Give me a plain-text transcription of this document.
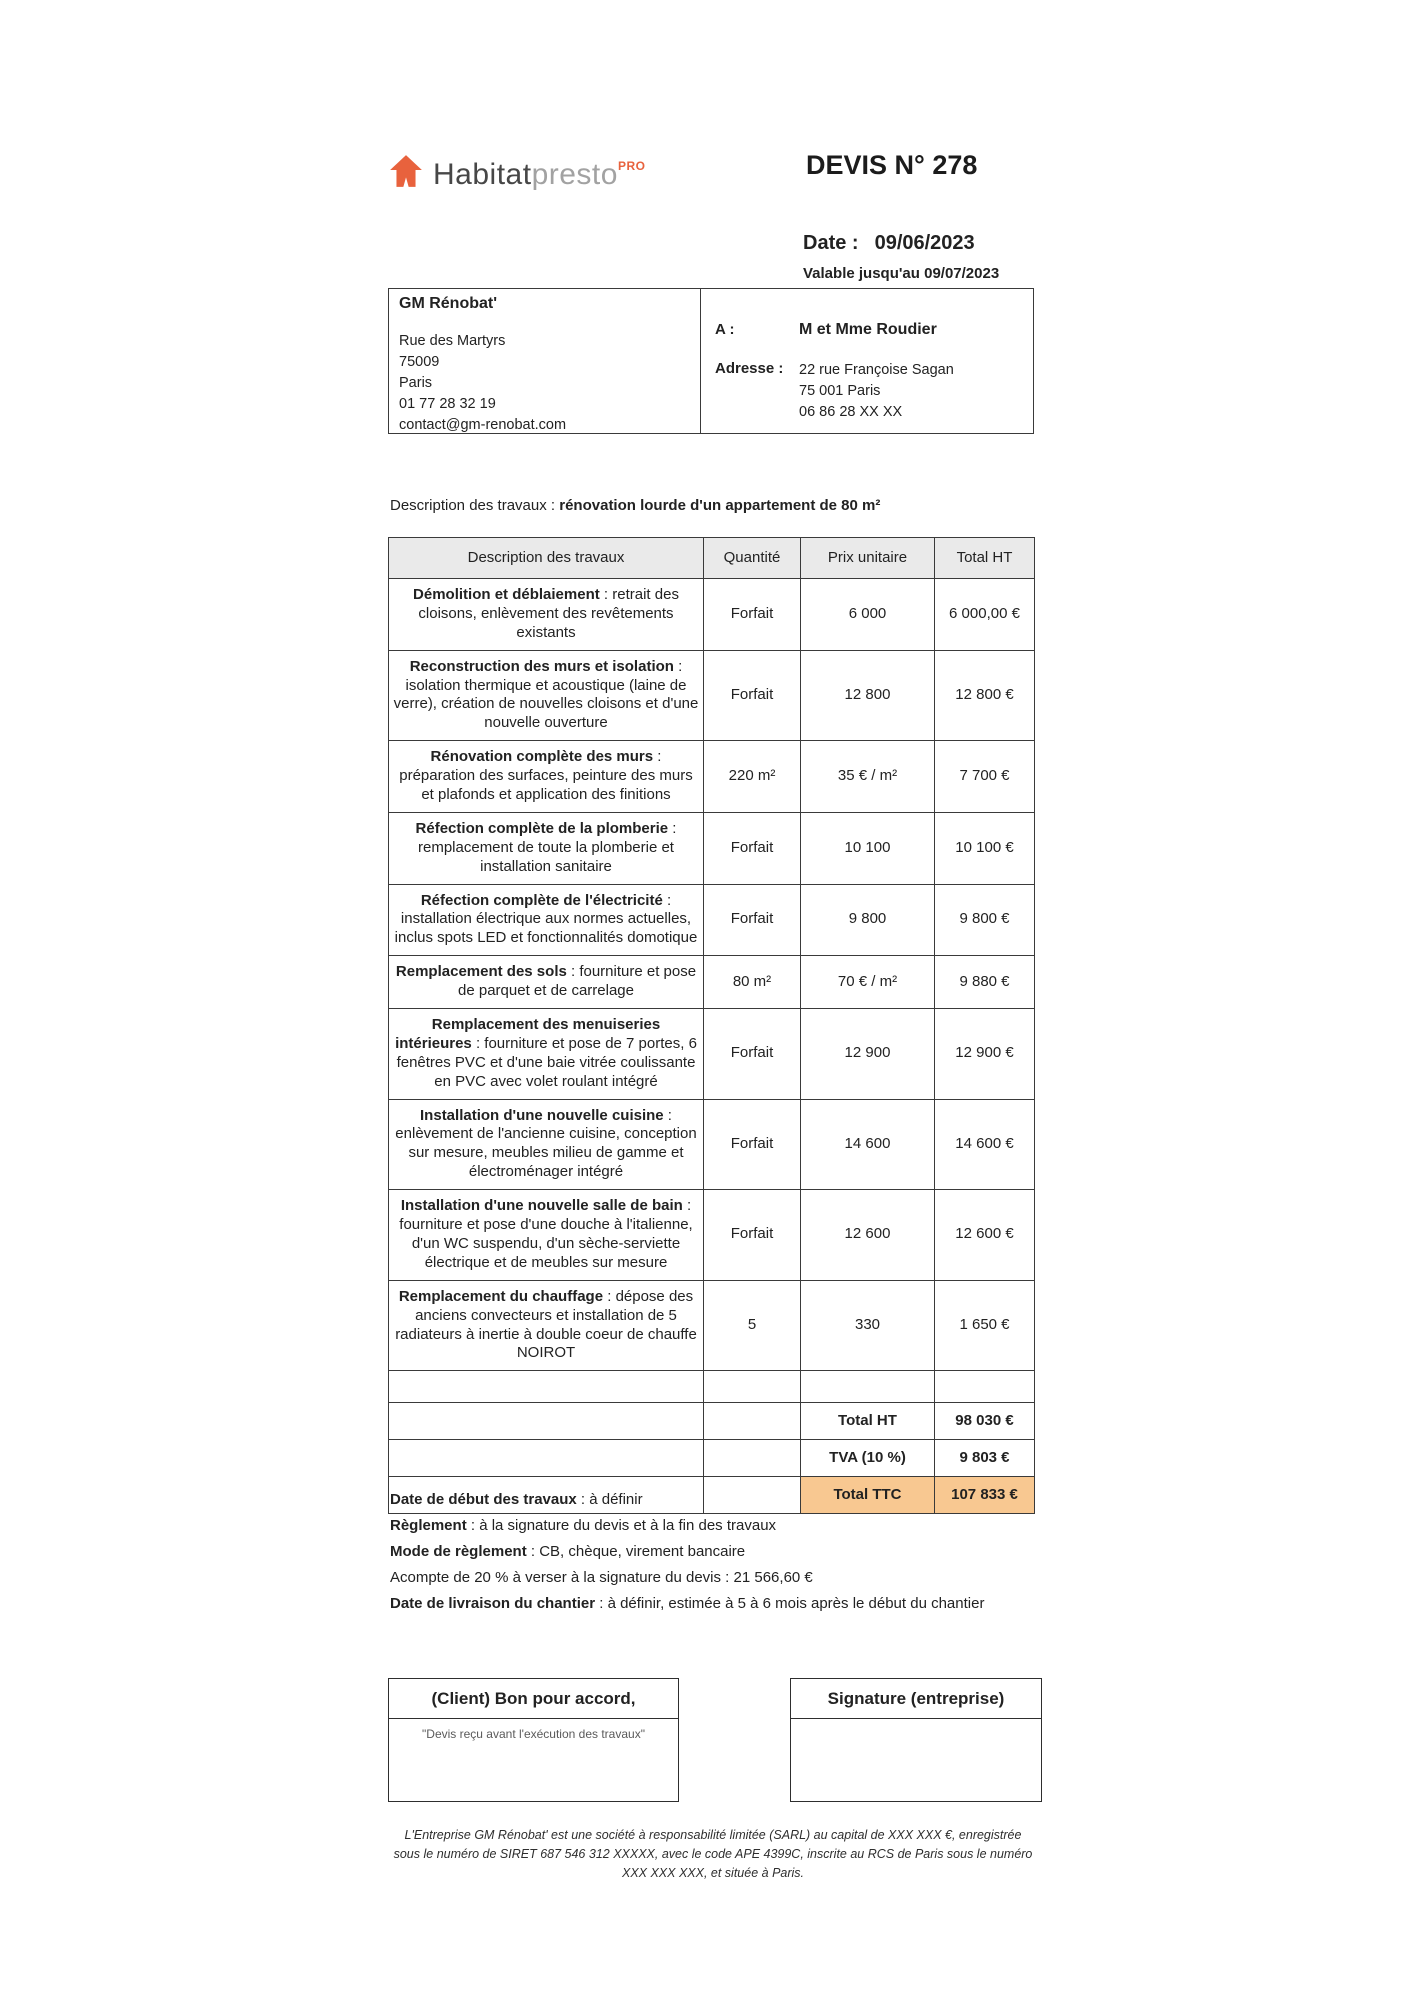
Habitatpresto$^{PRO}$	DEVIS N° 278
Date : 09/06/2023
Valable jusqu'au 09/07/2023
GM Rénobat'
Rue des Martyrs
75009
Paris
01 77 28 32 19
contact@gm-renobat.com
A :	M et Mme Roudier
Adresse :	22 rue Françoise Sagan
75 001 Paris
06 86 28 XX XX
Description des travaux : rénovation lourde d'un appartement de 80 m²
Description des travaux	Quantité	Prix unitaire	Total HT
Démolition et déblaiement : retrait des cloisons, enlèvement des revêtements existants	Forfait	6 000	6 000,00 €
Reconstruction des murs et isolation : isolation thermique et acoustique (laine de verre), création de nouvelles cloisons et d'une nouvelle ouverture	Forfait	12 800	12 800 €
Rénovation complète des murs : préparation des surfaces, peinture des murs et plafonds et application des finitions	220 m²	35 € / m²	7 700 €
Réfection complète de la plomberie : remplacement de toute la plomberie et installation sanitaire	Forfait	10 100	10 100 €
Réfection complète de l'électricité : installation électrique aux normes actuelles, inclus spots LED et fonctionnalités domotique	Forfait	9 800	9 800 €
Remplacement des sols : fourniture et pose de parquet et de carrelage	80 m²	70 € / m²	9 880 €
Remplacement des menuiseries intérieures : fourniture et pose de 7 portes, 6 fenêtres PVC et d'une baie vitrée coulissante en PVC avec volet roulant intégré	Forfait	12 900	12 900 €
Installation d'une nouvelle cuisine : enlèvement de l'ancienne cuisine, conception sur mesure, meubles milieu de gamme et électroménager intégré	Forfait	14 600	14 600 €
Installation d'une nouvelle salle de bain : fourniture et pose d'une douche à l'italienne, d'un WC suspendu, d'un sèche-serviette électrique et de meubles sur mesure	Forfait	12 600	12 600 €
Remplacement du chauffage : dépose des anciens convecteurs et installation de 5 radiateurs à inertie à double coeur de chauffe NOIROT	5	330	1 650 €

		Total HT	98 030 €
		TVA (10 %)	9 803 €
		Total TTC	107 833 €
Date de début des travaux : à définir
Règlement : à la signature du devis et à la fin des travaux
Mode de règlement : CB, chèque, virement bancaire
Acompte de 20 % à verser à la signature du devis : 21 566,60 €
Date de livraison du chantier : à définir, estimée à 5 à 6 mois après le début du chantier
(Client) Bon pour accord,
"Devis reçu avant l'exécution des travaux"
Signature (entreprise)
L'Entreprise GM Rénobat' est une société à responsabilité limitée (SARL) au capital de XXX XXX €, enregistrée sous le numéro de SIRET 687 546 312 XXXXX, avec le code APE 4399C, inscrite au RCS de Paris sous le numéro XXX XXX XXX, et située à Paris.
